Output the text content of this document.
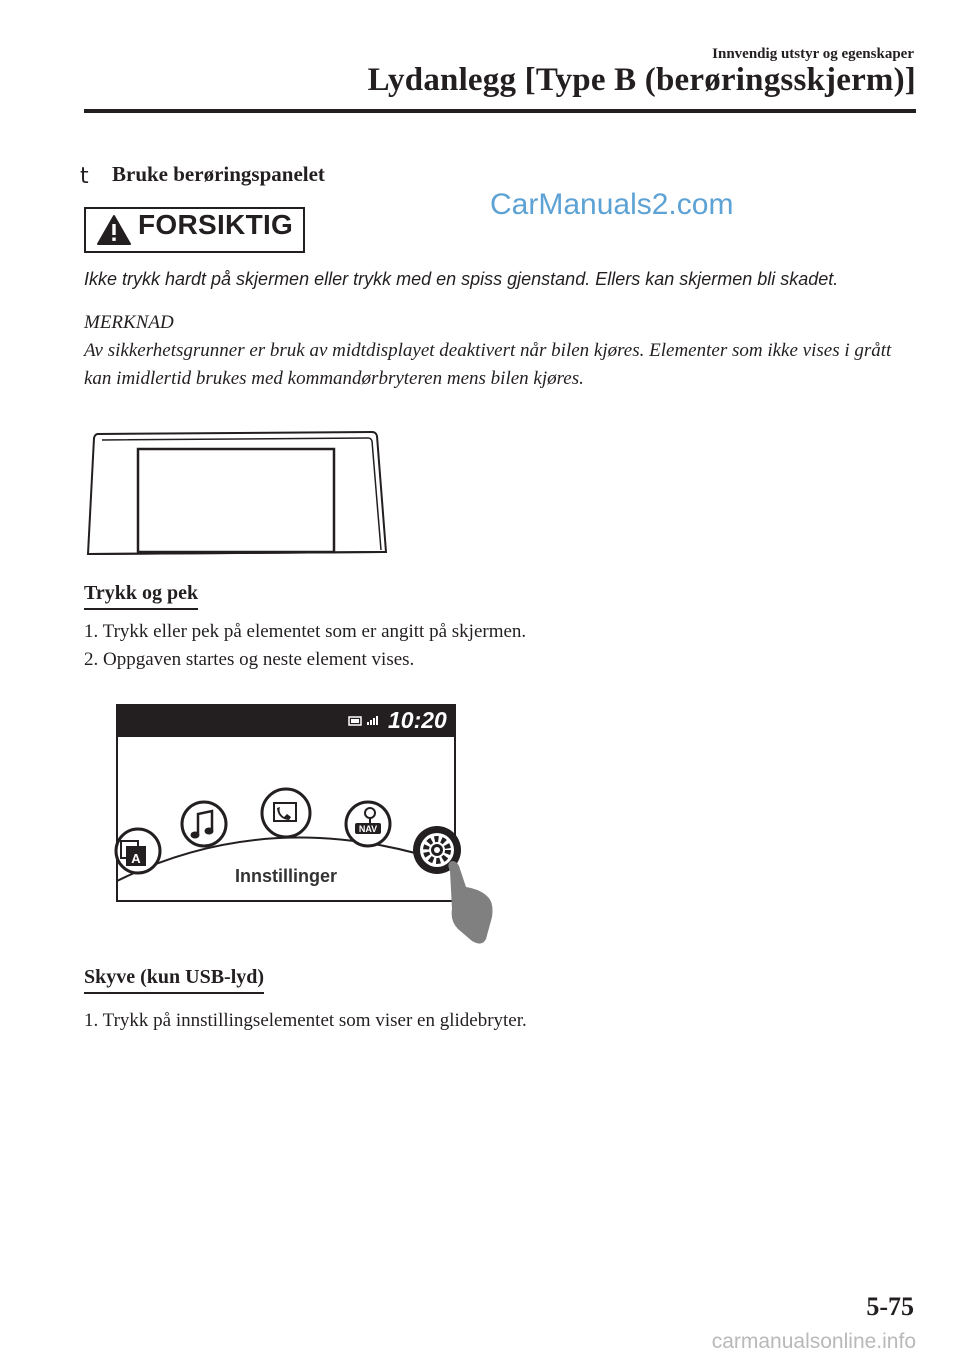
Innvendig utstyr og egenskaper
Lydanlegg [Type B (berøringsskjerm)]
t Bruke berøringspanelet
CarManuals2.com
FORSIKTIG
Ikke trykk hardt på skjermen eller trykk med en spiss gjenstand. Ellers kan skjermen bli skadet.
MERKNAD
Av sikkerhetsgrunner er bruk av midtdisplayet deaktivert når bilen kjøres. Elementer som ikke vises i grått kan imidlertid brukes med kommandørbryteren mens bilen kjøres.
Trykk og pek
1. Trykk eller pek på elementet som er angitt på skjermen.
2. Oppgaven startes og neste element vises.
A
NAV
10:20
Innstillinger
Skyve (kun USB-lyd)
1. Trykk på innstillingselementet som viser en glidebryter.
5-75
carmanualsonline.info
